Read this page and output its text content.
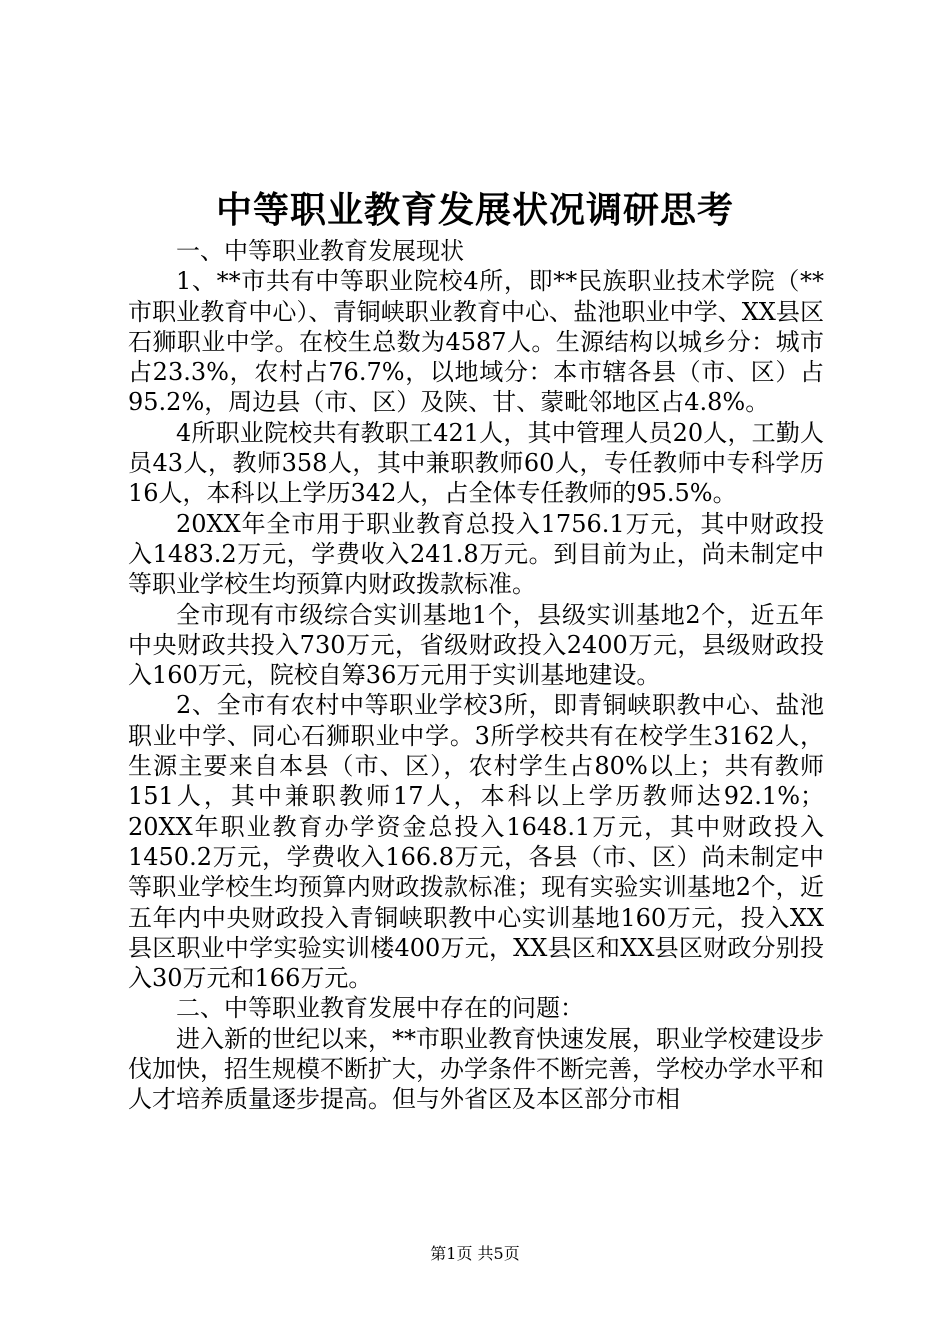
中等职业教育发展状况调研思考

一、中等职业教育发展现状

1、**市共有中等职业院校4所，即**民族职业技术学院（**市职业教育中心）、青铜峡职业教育中心、盐池职业中学、XX县区石狮职业中学。在校生总数为4587人。生源结构以城乡分：城市占23.3%，农村占76.7%，以地域分：本市辖各县（市、区）占95.2%，周边县（市、区）及陕、甘、蒙毗邻地区占4.8%。

4所职业院校共有教职工421人，其中管理人员20人，工勤人员43人，教师358人，其中兼职教师60人，专任教师中专科学历16人，本科以上学历342人，占全体专任教师的95.5%。

20XX年全市用于职业教育总投入1756.1万元，其中财政投入1483.2万元，学费收入241.8万元。到目前为止，尚未制定中等职业学校生均预算内财政拨款标准。

全市现有市级综合实训基地1个，县级实训基地2个，近五年中央财政共投入730万元，省级财政投入2400万元，县级财政投入160万元，院校自筹36万元用于实训基地建设。

2、全市有农村中等职业学校3所，即青铜峡职教中心、盐池职业中学、同心石狮职业中学。3所学校共有在校学生3162人，生源主要来自本县（市、区），农村学生占80%以上；共有教师151人，其中兼职教师17人，本科以上学历教师达92.1%；20XX年职业教育办学资金总投入1648.1万元，其中财政投入1450.2万元，学费收入166.8万元，各县（市、区）尚未制定中等职业学校生均预算内财政拨款标准；现有实验实训基地2个，近五年内中央财政投入青铜峡职教中心实训基地160万元，投入XX县区职业中学实验实训楼400万元，XX县区和XX县区财政分别投入30万元和166万元。

二、中等职业教育发展中存在的问题：

进入新的世纪以来，**市职业教育快速发展，职业学校建设步伐加快，招生规模不断扩大，办学条件不断完善，学校办学水平和人才培养质量逐步提高。但与外省区及本区部分市相

第1页 共5页
